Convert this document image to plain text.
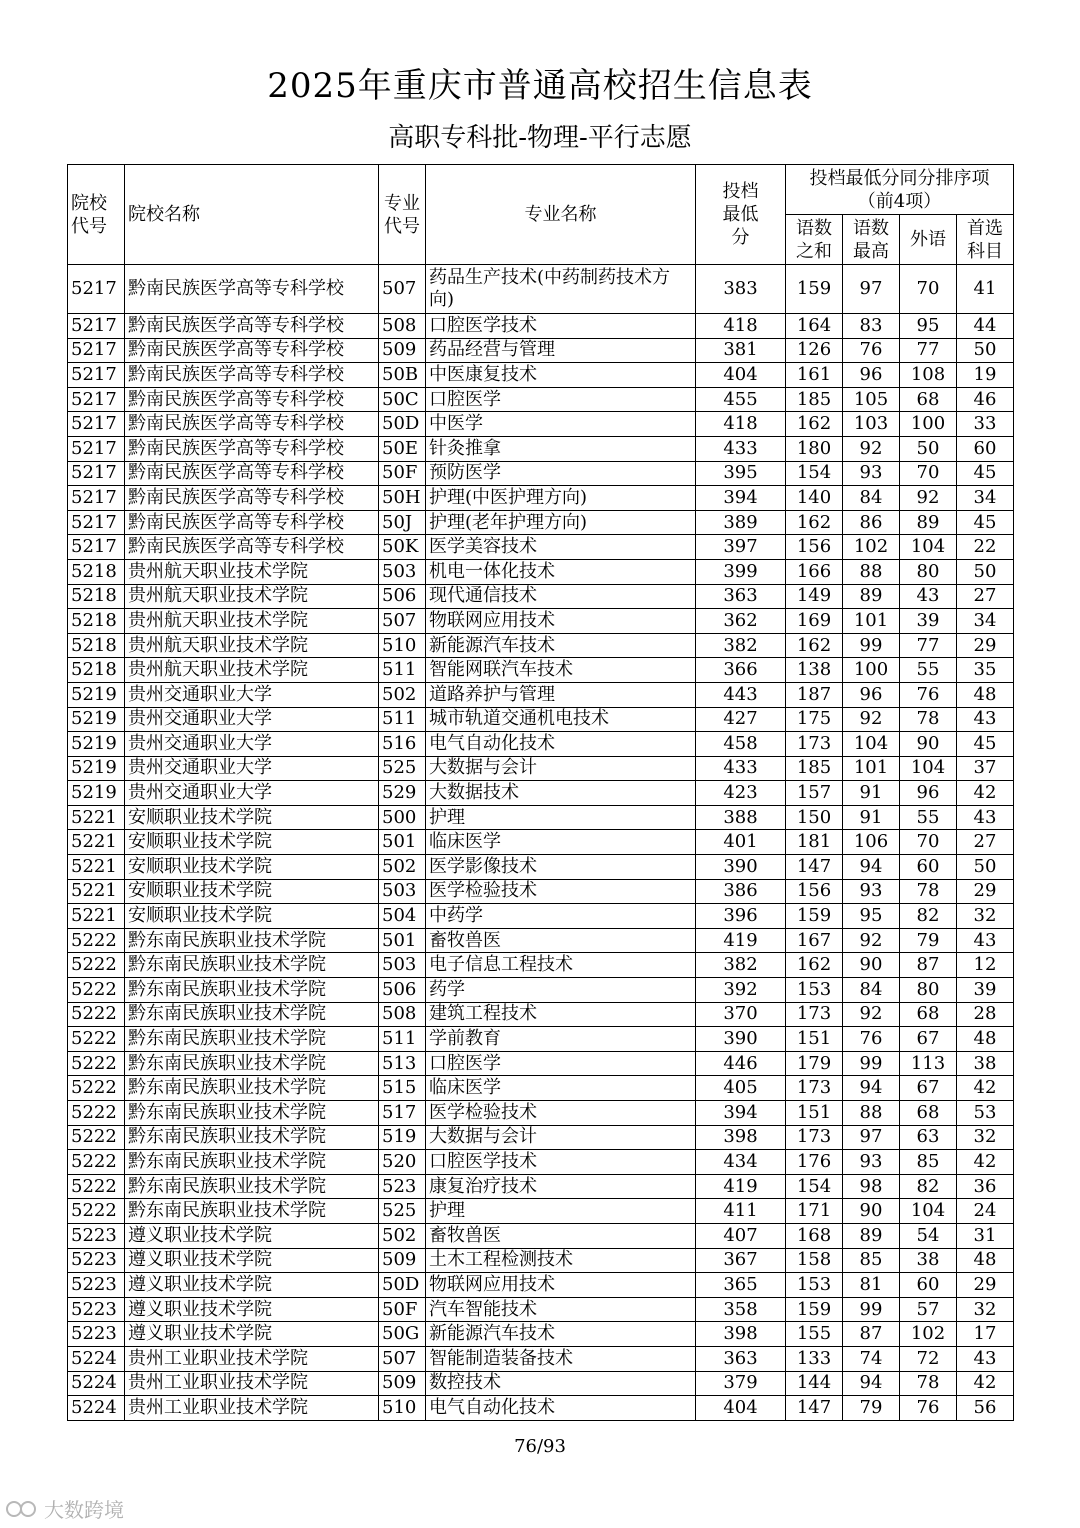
2025年重庆市普通高校招生信息表
高职专科批-物理-平行志愿
院校代号	院校名称	专业代号	专业名称	投档最低分	投档最低分同分排序项（前4项）			
					语数之和	语数最高	外语	首选科目
5217	黔南民族医学高等专科学校	507	药品生产技术(中药制药技术方向)	383	159	97	70	41
5217	黔南民族医学高等专科学校	508	口腔医学技术	418	164	83	95	44
5217	黔南民族医学高等专科学校	509	药品经营与管理	381	126	76	77	50
5217	黔南民族医学高等专科学校	50B	中医康复技术	404	161	96	108	19
5217	黔南民族医学高等专科学校	50C	口腔医学	455	185	105	68	46
5217	黔南民族医学高等专科学校	50D	中医学	418	162	103	100	33
5217	黔南民族医学高等专科学校	50E	针灸推拿	433	180	92	50	60
5217	黔南民族医学高等专科学校	50F	预防医学	395	154	93	70	45
5217	黔南民族医学高等专科学校	50H	护理(中医护理方向)	394	140	84	92	34
5217	黔南民族医学高等专科学校	50J	护理(老年护理方向)	389	162	86	89	45
5217	黔南民族医学高等专科学校	50K	医学美容技术	397	156	102	104	22
5218	贵州航天职业技术学院	503	机电一体化技术	399	166	88	80	50
5218	贵州航天职业技术学院	506	现代通信技术	363	149	89	43	27
5218	贵州航天职业技术学院	507	物联网应用技术	362	169	101	39	34
5218	贵州航天职业技术学院	510	新能源汽车技术	382	162	99	77	29
5218	贵州航天职业技术学院	511	智能网联汽车技术	366	138	100	55	35
5219	贵州交通职业大学	502	道路养护与管理	443	187	96	76	48
5219	贵州交通职业大学	511	城市轨道交通机电技术	427	175	92	78	43
5219	贵州交通职业大学	516	电气自动化技术	458	173	104	90	45
5219	贵州交通职业大学	525	大数据与会计	433	185	101	104	37
5219	贵州交通职业大学	529	大数据技术	423	157	91	96	42
5221	安顺职业技术学院	500	护理	388	150	91	55	43
5221	安顺职业技术学院	501	临床医学	401	181	106	70	27
5221	安顺职业技术学院	502	医学影像技术	390	147	94	60	50
5221	安顺职业技术学院	503	医学检验技术	386	156	93	78	29
5221	安顺职业技术学院	504	中药学	396	159	95	82	32
5222	黔东南民族职业技术学院	501	畜牧兽医	419	167	92	79	43
5222	黔东南民族职业技术学院	503	电子信息工程技术	382	162	90	87	12
5222	黔东南民族职业技术学院	506	药学	392	153	84	80	39
5222	黔东南民族职业技术学院	508	建筑工程技术	370	173	92	68	28
5222	黔东南民族职业技术学院	511	学前教育	390	151	76	67	48
5222	黔东南民族职业技术学院	513	口腔医学	446	179	99	113	38
5222	黔东南民族职业技术学院	515	临床医学	405	173	94	67	42
5222	黔东南民族职业技术学院	517	医学检验技术	394	151	88	68	53
5222	黔东南民族职业技术学院	519	大数据与会计	398	173	97	63	32
5222	黔东南民族职业技术学院	520	口腔医学技术	434	176	93	85	42
5222	黔东南民族职业技术学院	523	康复治疗技术	419	154	98	82	36
5222	黔东南民族职业技术学院	525	护理	411	171	90	104	24
5223	遵义职业技术学院	502	畜牧兽医	407	168	89	54	31
5223	遵义职业技术学院	509	土木工程检测技术	367	158	85	38	48
5223	遵义职业技术学院	50D	物联网应用技术	365	153	81	60	29
5223	遵义职业技术学院	50F	汽车智能技术	358	159	99	57	32
5223	遵义职业技术学院	50G	新能源汽车技术	398	155	87	102	17
5224	贵州工业职业技术学院	507	智能制造装备技术	363	133	74	72	43
5224	贵州工业职业技术学院	509	数控技术	379	144	94	78	42
5224	贵州工业职业技术学院	510	电气自动化技术	404	147	79	76	56
76/93
大数跨境
